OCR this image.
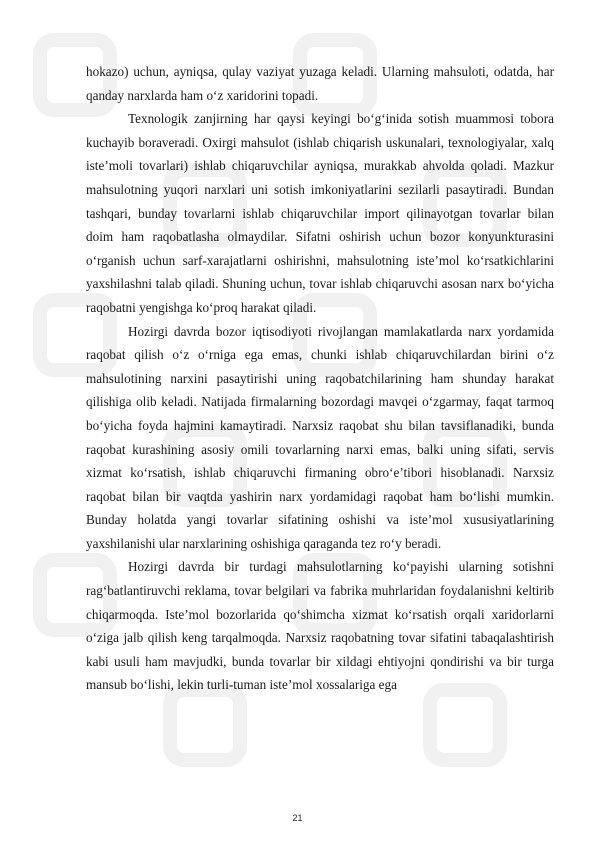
hokazo) uchun, ayniqsa, qulay vaziyat yuzaga keladi. Ularning mahsuloti, odatda, har qanday narxlarda ham o‘z xaridorini topadi.

Texnologik zanjirning har qaysi keyingi bo‘g‘inida sotish muammosi tobora kuchayib boraveradi. Oxirgi mahsulot (ishlab chiqarish uskunalari, texnologiyalar, xalq iste’moli tovarlari) ishlab chiqaruvchilar ayniqsa, murakkab ahvolda qoladi. Mazkur mahsulotning yuqori narxlari uni sotish imkoniyatlarini sezilarli pasaytiradi. Bundan tashqari, bunday tovarlarni ishlab chiqaruvchilar import qilinayotgan tovarlar bilan doim ham raqobatlasha olmaydilar. Sifatni oshirish uchun bozor konyunkturasini o‘rganish uchun sarf-xarajatlarni oshirishni, mahsulotning iste’mol ko‘rsatkichlarini yaxshilashni talab qiladi. Shuning uchun, tovar ishlab chiqaruvchi asosan narx bo‘yicha raqobatni yengishga ko‘proq harakat qiladi.

Hozirgi davrda bozor iqtisodiyoti rivojlangan mamlakatlarda narx yordamida raqobat qilish o‘z o‘rniga ega emas, chunki ishlab chiqaruvchilardan birini o‘z mahsulotining narxini pasaytirishi uning raqobatchilarining ham shunday harakat qilishiga olib keladi. Natijada firmalarning bozordagi mavqei o‘zgarmay, faqat tarmoq bo‘yicha foyda hajmini kamaytiradi. Narxsiz raqobat shu bilan tavsiflanadiki, bunda raqobat kurashining asosiy omili tovarlarning narxi emas, balki uning sifati, servis xizmat ko‘rsatish, ishlab chiqaruvchi firmaning obro‘e’tibori hisoblanadi. Narxsiz raqobat bilan bir vaqtda yashirin narx yordamidagi raqobat ham bo‘lishi mumkin. Bunday holatda yangi tovarlar sifatining oshishi va iste’mol xususiyatlarining yaxshilanishi ular narxlarining oshishiga qaraganda tez ro‘y beradi.

Hozirgi davrda bir turdagi mahsulotlarning ko‘payishi ularning sotishni rag‘batlantiruvchi reklama, tovar belgilari va fabrika muhrlaridan foydalanishni keltirib chiqarmoqda. Iste’mol bozorlarida qo‘shimcha xizmat ko‘rsatish orqali xaridorlarni o‘ziga jalb qilish keng tarqalmoqda. Narxsiz raqobatning tovar sifatini tabaqalashtirish kabi usuli ham mavjudki, bunda tovarlar bir xildagi ehtiyojni qondirishi va bir turga mansub bo‘lishi, lekin turli-tuman iste’mol xossalariga ega

21
